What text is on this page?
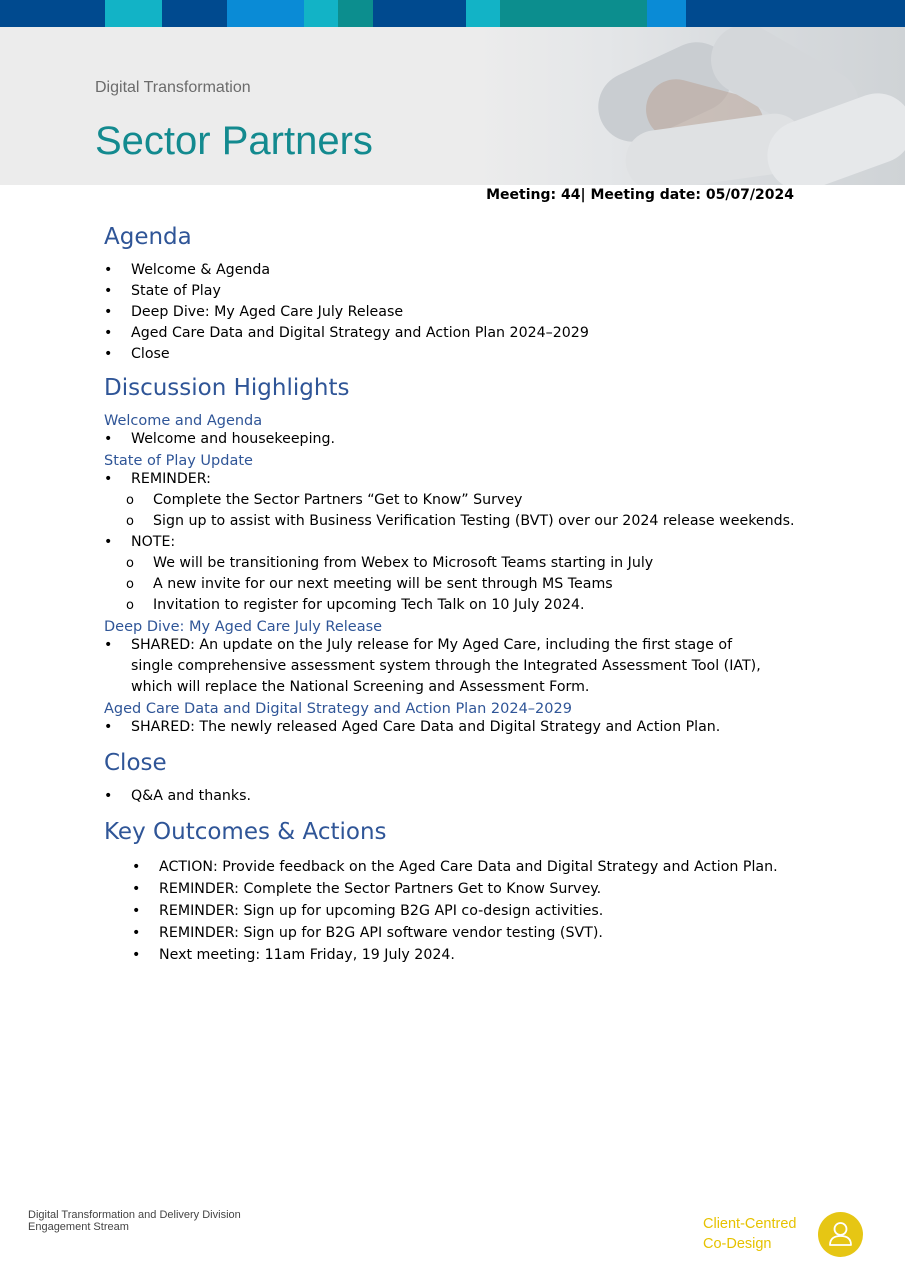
Digital Transformation
Sector Partners
Meeting: 44| Meeting date: 05/07/2024
Agenda
• Welcome & Agenda
• State of Play
• Deep Dive: My Aged Care July Release
• Aged Care Data and Digital Strategy and Action Plan 2024–2029
• Close
Discussion Highlights
Welcome and Agenda
• Welcome and housekeeping.
State of Play Update
• REMINDER:
o Complete the Sector Partners “Get to Know” Survey
o Sign up to assist with Business Verification Testing (BVT) over our 2024 release weekends.
• NOTE:
o We will be transitioning from Webex to Microsoft Teams starting in July
o A new invite for our next meeting will be sent through MS Teams
o Invitation to register for upcoming Tech Talk on 10 July 2024.
Deep Dive: My Aged Care July Release
• SHARED: An update on the July release for My Aged Care, including the first stage of single comprehensive assessment system through the Integrated Assessment Tool (IAT), which will replace the National Screening and Assessment Form.
Aged Care Data and Digital Strategy and Action Plan 2024–2029
• SHARED: The newly released Aged Care Data and Digital Strategy and Action Plan.
Close
• Q&A and thanks.
Key Outcomes & Actions
• ACTION: Provide feedback on the Aged Care Data and Digital Strategy and Action Plan.
• REMINDER: Complete the Sector Partners Get to Know Survey.
• REMINDER: Sign up for upcoming B2G API co-design activities.
• REMINDER: Sign up for B2G API software vendor testing (SVT).
• Next meeting: 11am Friday, 19 July 2024.
Digital Transformation and Delivery Division
Engagement Stream	Client-Centred
Co-Design
